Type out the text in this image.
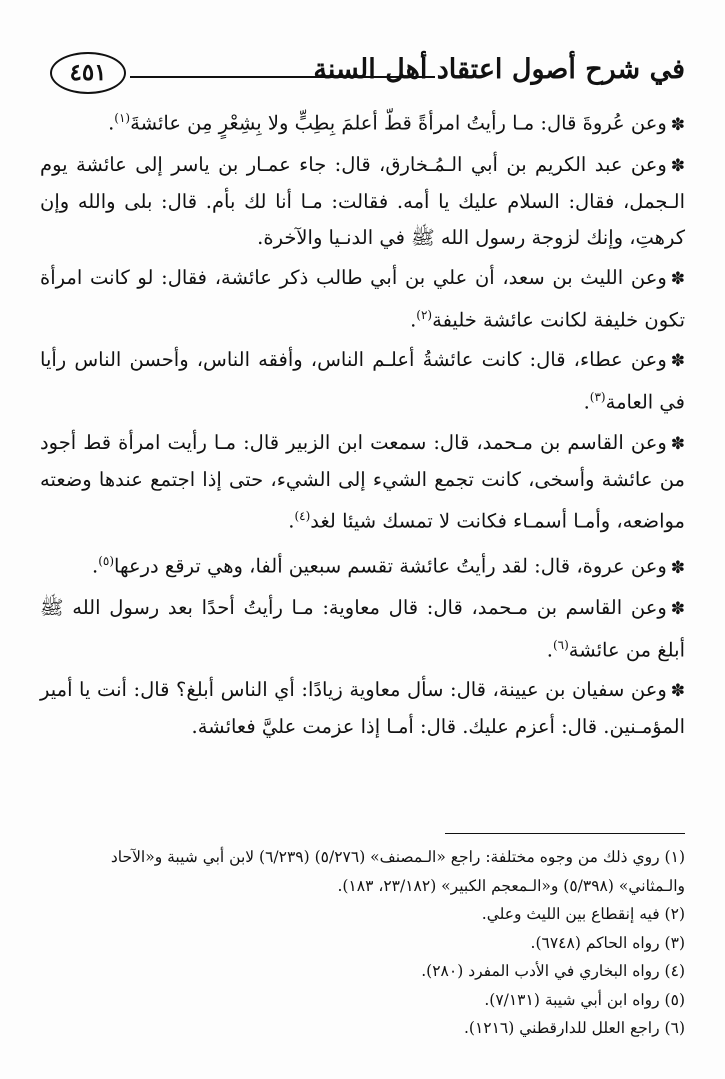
في شرح أصول اعتقاد أهل السنة
٤٥١

✽وعن عُروةَ قال: مـا رأيتُ امرأةً قطّ أعلمَ بِطِبٍّ ولا بِشِعْرٍ مِن عائشةَ$^{(١)}$.

✽وعن عبد الكريم بن أبي الـمُـخارق، قال: جاء عمـار بن ياسر إلى عائشة يوم الـجمل، فقال: السلام عليك يا أمه. فقالت: مـا أنا لك بأم. قال: بلى والله وإن كرهتِ، وإنك لزوجة رسول الله ﷺ في الدنـيا والآخرة.

✽وعن الليث بن سعد، أن علي بن أبي طالب ذكر عائشة، فقال: لو كانت امرأة تكون خليفة لكانت عائشة خليفة$^{(٢)}$.

✽وعن عطاء، قال: كانت عائشةُ أعلـم الناس، وأفقه الناس، وأحسن الناس رأيا في العامة$^{(٣)}$.

✽وعن القاسم بن مـحمد، قال: سمعت ابن الزبير قال: مـا رأيت امرأة قط أجود من عائشة وأسخى، كانت تجمع الشيء إلى الشيء، حتى إذا اجتمع عندها وضعته مواضعه، وأمـا أسمـاء فكانت لا تمسك شيئا لغد$^{(٤)}$.

✽وعن عروة، قال: لقد رأيتُ عائشة تقسم سبعين ألفا، وهي ترقع درعها$^{(٥)}$.

✽وعن القاسم بن مـحمد، قال: قال معاوية: مـا رأيتُ أحدًا بعد رسول الله ﷺ أبلغ من عائشة$^{(٦)}$.

✽وعن سفيان بن عيينة، قال: سأل معاوية زيادًا: أي الناس أبلغ؟ قال: أنت يا أمير المؤمـنين. قال: أعزم عليك. قال: أمـا إذا عزمت عليَّ فعائشة.

(١) روي ذلك من وجوه مختلفة: راجع «الـمصنف» (٥/٢٧٦) (٦/٢٣٩) لابن أبي شيبة و«الآحاد والـمثاني» (٥/٣٩٨) و«الـمعجم الكبير» (٢٣/١٨٢، ١٨٣).

(٢) فيه إنقطاع بين الليث وعلي.

(٣) رواه الحاكم (٦٧٤٨).

(٤) رواه البخاري في الأدب المفرد (٢٨٠).

(٥) رواه ابن أبي شيبة (٧/١٣١).

(٦) راجع العلل للدارقطني (١٢١٦).
